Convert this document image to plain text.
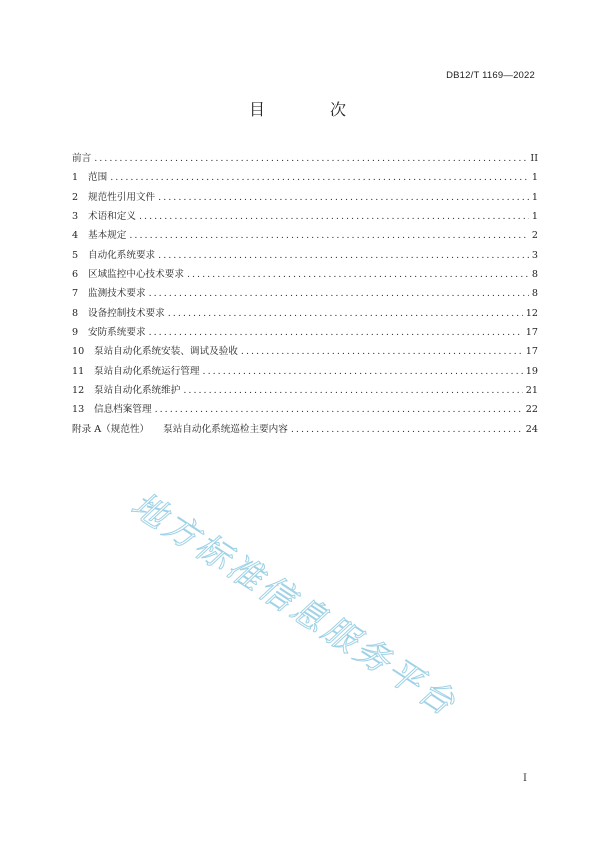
DB12/T 1169—2022
目 次
前言 .....	II
1	范围 .....	1
2	规范性引用文件 .....	1
3	术语和定义 .....	1
4	基本规定 .....	2
5	自动化系统要求 .....	3
6	区域监控中心技术要求 .....	8
7	监测技术要求 .....	8
8	设备控制技术要求 .....	12
9	安防系统要求 .....	17
10	泵站自动化系统安装、调试及验收 .....	17
11	泵站自动化系统运行管理 .....	19
12	泵站自动化系统维护 .....	21
13	信息档案管理 .....	22
附录 A（规范性）	泵站自动化系统巡检主要内容 .....	24
地方标准信息服务平台
I
